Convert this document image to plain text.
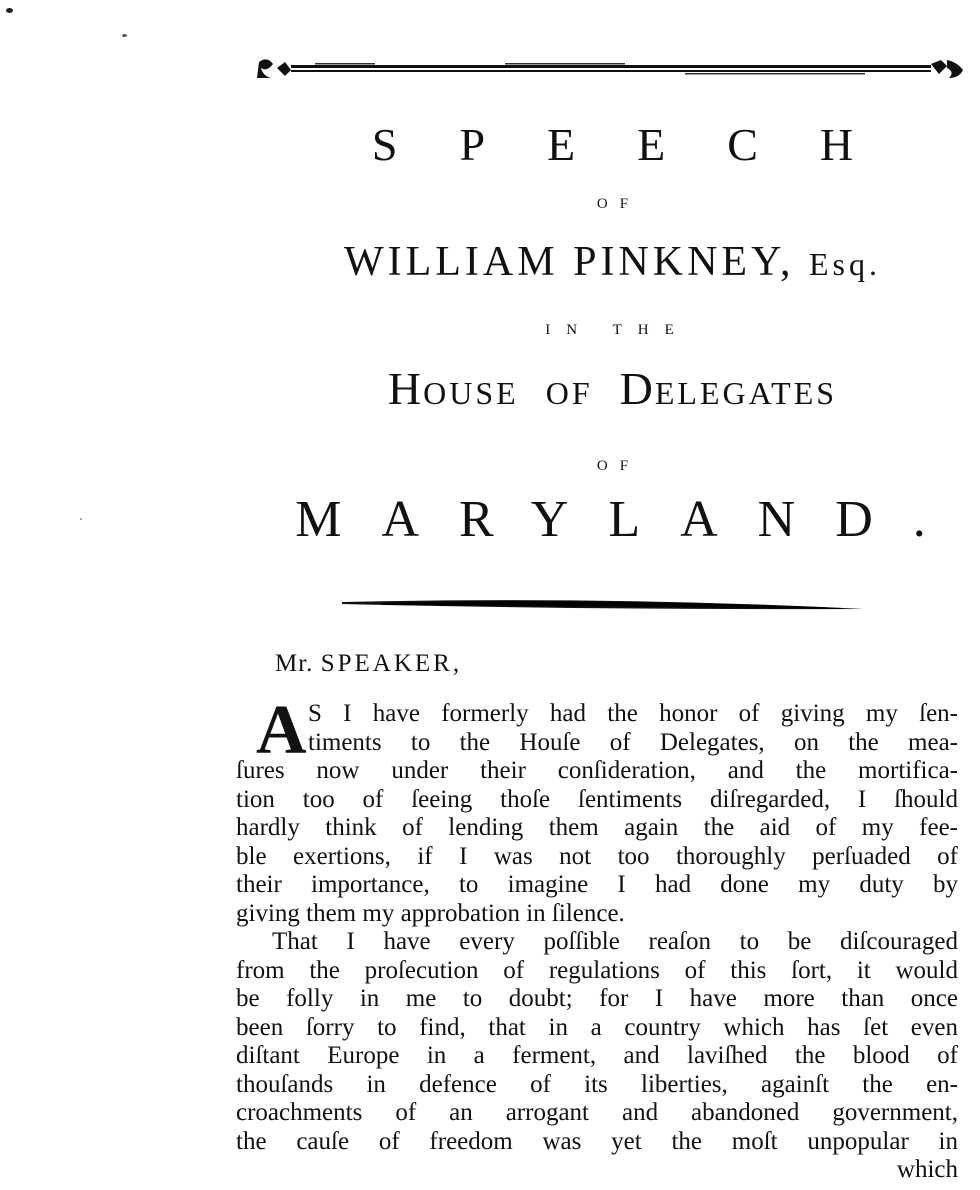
SPEECH
OF
WILLIAM PINKNEY, Esq.
IN THE
HOUSE OF DELEGATES
OF
MARYLAND.
Mr. SPEAKER,
A S I have formerly had the honor of giving my ſen-
timents to the Houſe of Delegates, on the mea-
ſures now under their conſideration, and the mortifica-
tion too of ſeeing thoſe ſentiments diſregarded, I ſhould
hardly think of lending them again the aid of my fee-
ble exertions, if I was not too thoroughly perſuaded of
their importance, to imagine I had done my duty by
giving them my approbation in ſilence.
That I have every poſſible reaſon to be diſcouraged
from the proſecution of regulations of this ſort, it would
be folly in me to doubt; for I have more than once
been ſorry to find, that in a country which has ſet even
diſtant Europe in a ferment, and laviſhed the blood of
thouſands in defence of its liberties, againſt the en-
croachments of an arrogant and abandoned government,
the cauſe of freedom was yet the moſt unpopular in
which
